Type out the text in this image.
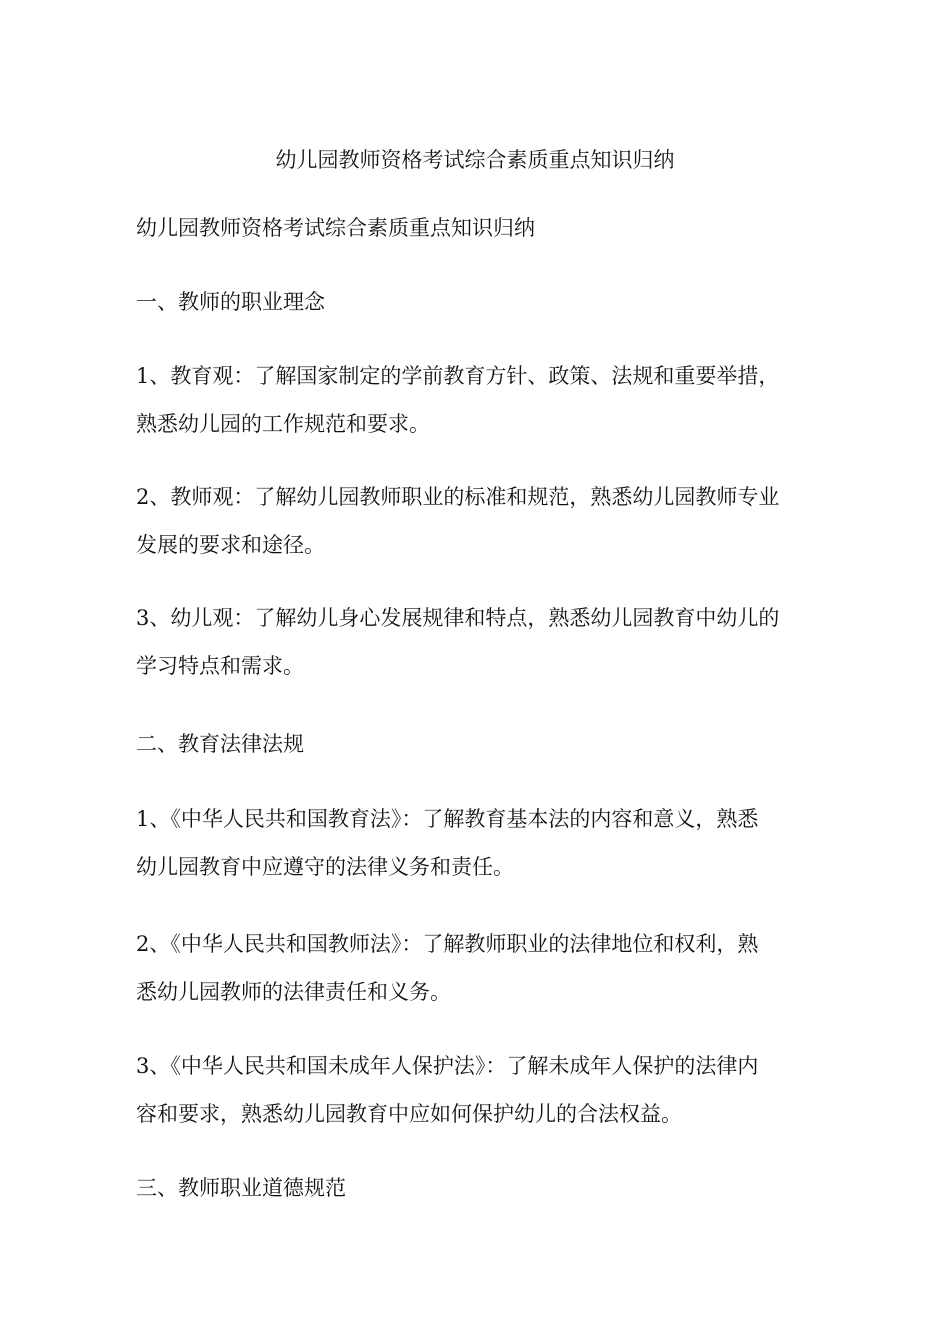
幼儿园教师资格考试综合素质重点知识归纳

幼儿园教师资格考试综合素质重点知识归纳

一、教师的职业理念

1、教育观：了解国家制定的学前教育方针、政策、法规和重要举措，
熟悉幼儿园的工作规范和要求。

2、教师观：了解幼儿园教师职业的标准和规范，熟悉幼儿园教师专业
发展的要求和途径。

3、幼儿观：了解幼儿身心发展规律和特点，熟悉幼儿园教育中幼儿的
学习特点和需求。

二、教育法律法规

1、《中华人民共和国教育法》：了解教育基本法的内容和意义，熟悉
幼儿园教育中应遵守的法律义务和责任。

2、《中华人民共和国教师法》：了解教师职业的法律地位和权利，熟
悉幼儿园教师的法律责任和义务。

3、《中华人民共和国未成年人保护法》：了解未成年人保护的法律内
容和要求，熟悉幼儿园教育中应如何保护幼儿的合法权益。

三、教师职业道德规范
